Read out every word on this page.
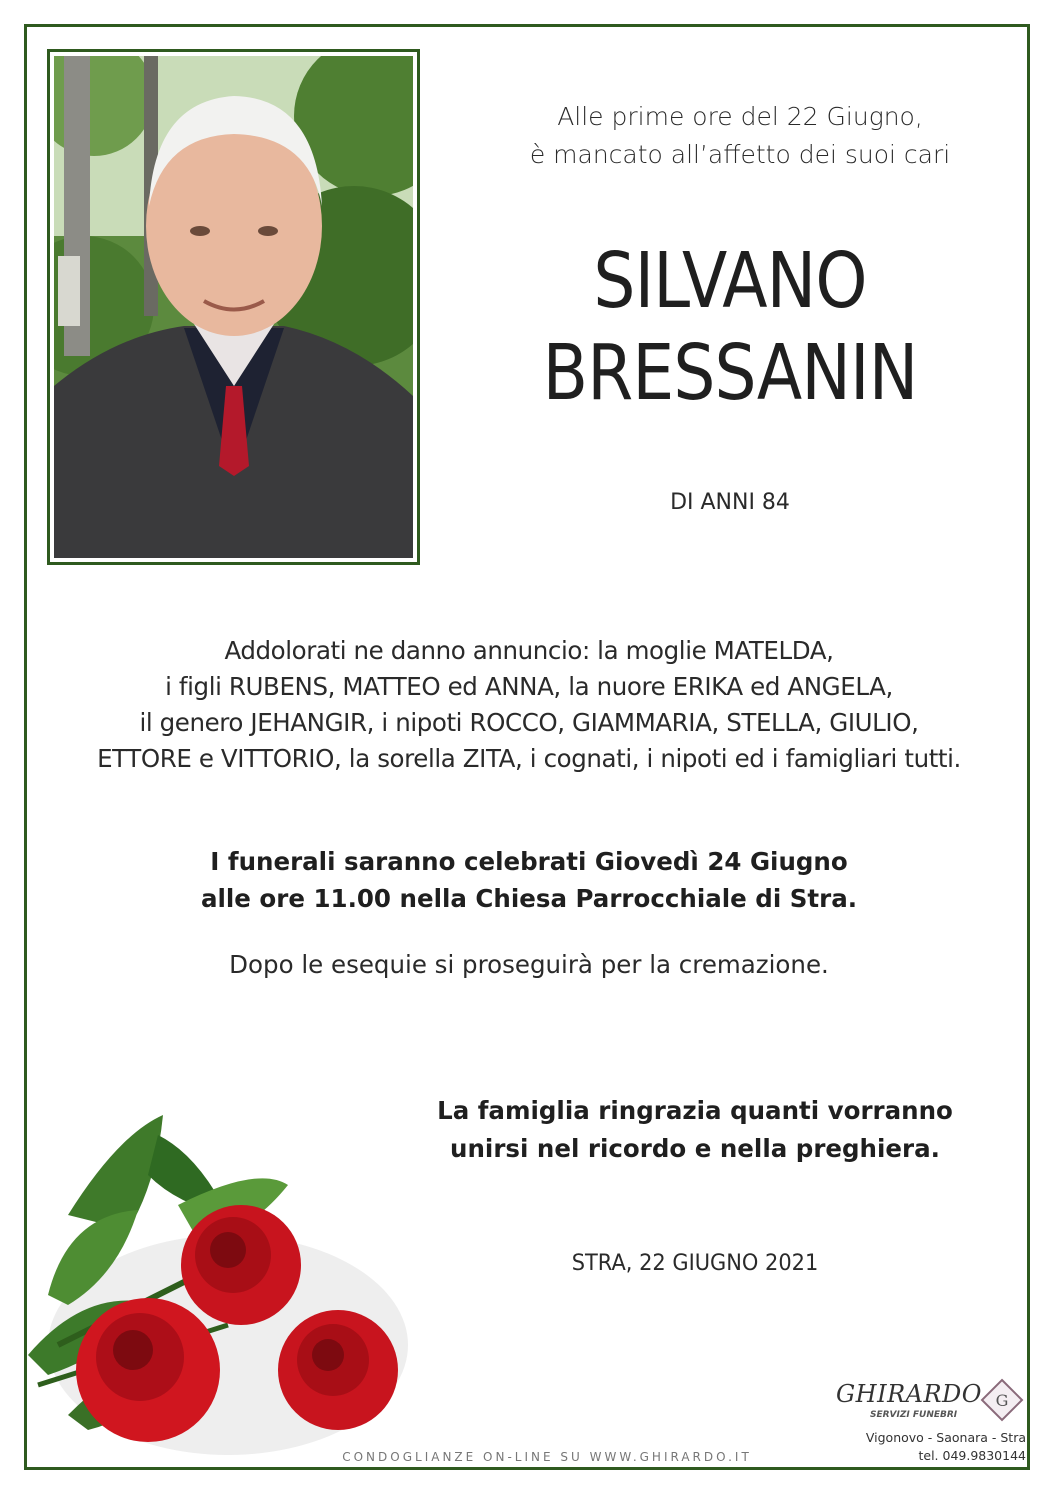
Alle prime ore del 22 Giugno,
è mancato all’affetto dei suoi cari
SILVANO
BRESSANIN
DI ANNI 84
Addolorati ne danno annuncio: la moglie MATELDA,
i figli RUBENS, MATTEO ed ANNA, la nuore ERIKA ed ANGELA,
il genero JEHANGIR, i nipoti ROCCO, GIAMMARIA, STELLA, GIULIO,
ETTORE e VITTORIO, la sorella ZITA, i cognati, i nipoti ed i famigliari tutti.
I funerali saranno celebrati Giovedì 24 Giugno
alle ore 11.00 nella Chiesa Parrocchiale di Stra.
Dopo le esequie si proseguirà per la cremazione.
La famiglia ringrazia quanti vorranno
unirsi nel ricordo e nella preghiera.
STRA, 22 GIUGNO 2021
CONDOGLIANZE ON-LINE SU WWW.GHIRARDO.IT
GHIRARDO
SERVIZI FUNEBRI
G
Vigonovo - Saonara - Stra
tel. 049.9830144
